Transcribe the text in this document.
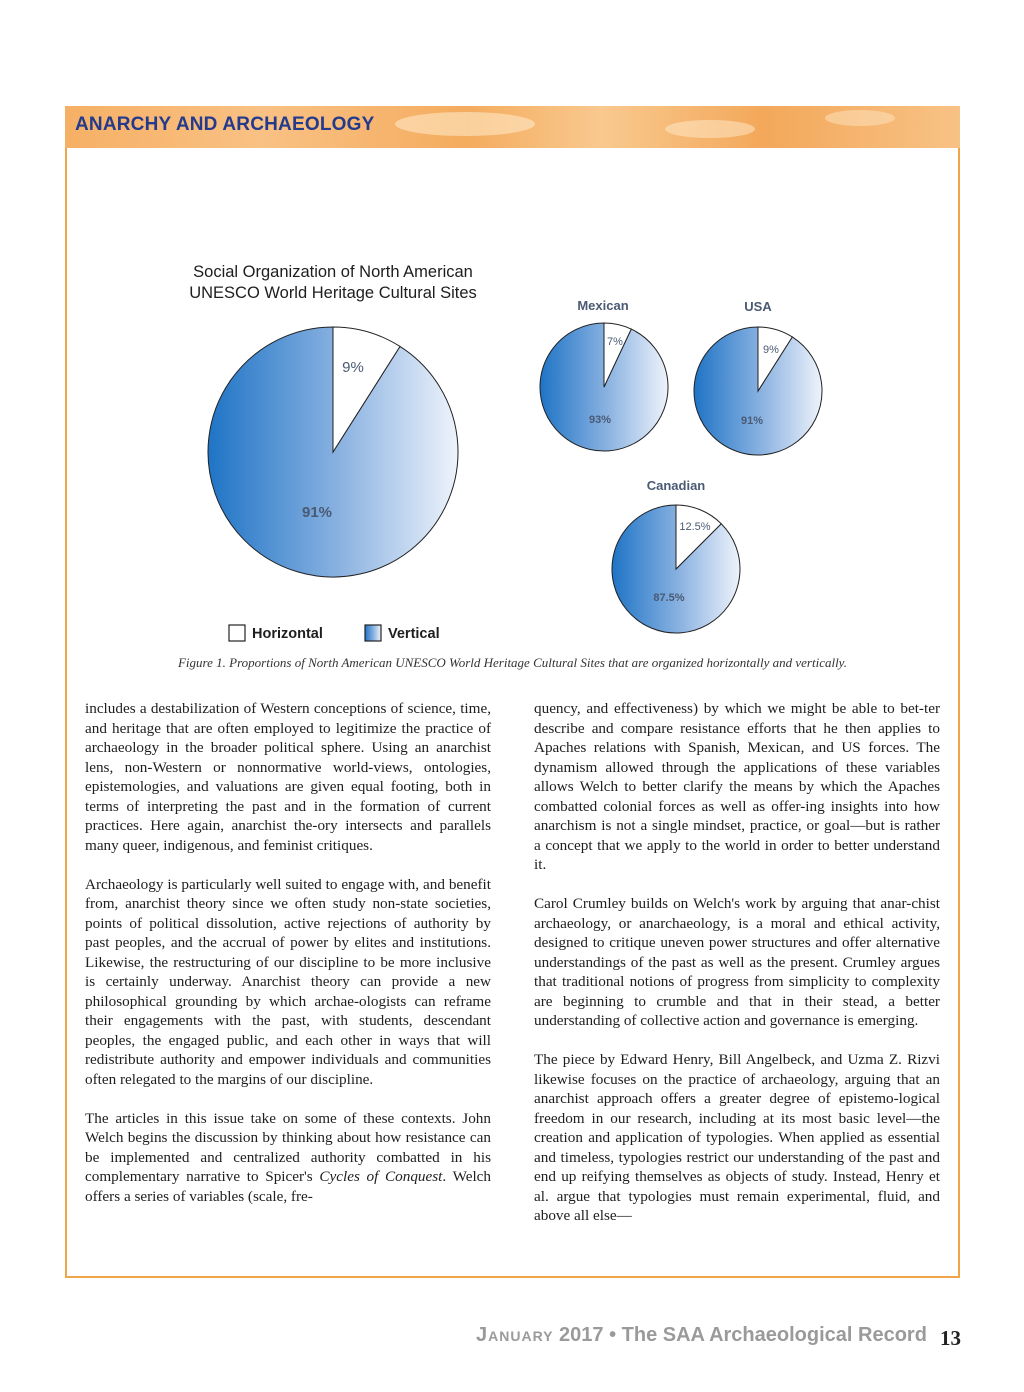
ANARCHY AND ARCHAEOLOGY
Social Organization of North American
UNESCO World Heritage Cultural Sites
9%
91%
Mexican
7%
93%
USA
9%
91%
Canadian
12.5%
87.5%
Horizontal	Vertical
Figure 1. Proportions of North American UNESCO World Heritage Cultural Sites that are organized horizontally and vertically.

includes a destabilization of Western conceptions of science, time, and heritage that are often employed to legitimize the practice of archaeology in the broader political sphere. Using an anarchist lens, non-Western or nonnormative world-views, ontologies, epistemologies, and valuations are given equal footing, both in terms of interpreting the past and in the formation of current practices. Here again, anarchist the-ory intersects and parallels many queer, indigenous, and feminist critiques.

Archaeology is particularly well suited to engage with, and benefit from, anarchist theory since we often study non-state societies, points of political dissolution, active rejections of authority by past peoples, and the accrual of power by elites and institutions. Likewise, the restructuring of our discipline to be more inclusive is certainly underway. Anarchist theory can provide a new philosophical grounding by which archae-ologists can reframe their engagements with the past, with students, descendant peoples, the engaged public, and each other in ways that will redistribute authority and empower individuals and communities often relegated to the margins of our discipline.

The articles in this issue take on some of these contexts. John Welch begins the discussion by thinking about how resistance can be implemented and centralized authority combatted in his complementary narrative to Spicer's Cycles of Conquest. Welch offers a series of variables (scale, fre-

quency, and effectiveness) by which we might be able to bet-ter describe and compare resistance efforts that he then applies to Apaches relations with Spanish, Mexican, and US forces. The dynamism allowed through the applications of these variables allows Welch to better clarify the means by which the Apaches combatted colonial forces as well as offer-ing insights into how anarchism is not a single mindset, practice, or goal—but is rather a concept that we apply to the world in order to better understand it.

Carol Crumley builds on Welch's work by arguing that anar-chist archaeology, or anarchaeology, is a moral and ethical activity, designed to critique uneven power structures and offer alternative understandings of the past as well as the present. Crumley argues that traditional notions of progress from simplicity to complexity are beginning to crumble and that in their stead, a better understanding of collective action and governance is emerging.

The piece by Edward Henry, Bill Angelbeck, and Uzma Z. Rizvi likewise focuses on the practice of archaeology, arguing that an anarchist approach offers a greater degree of epistemo-logical freedom in our research, including at its most basic level—the creation and application of typologies. When applied as essential and timeless, typologies restrict our understanding of the past and end up reifying themselves as objects of study. Instead, Henry et al. argue that typologies must remain experimental, fluid, and above all else—

January 2017 • The SAA Archaeological Record 13
